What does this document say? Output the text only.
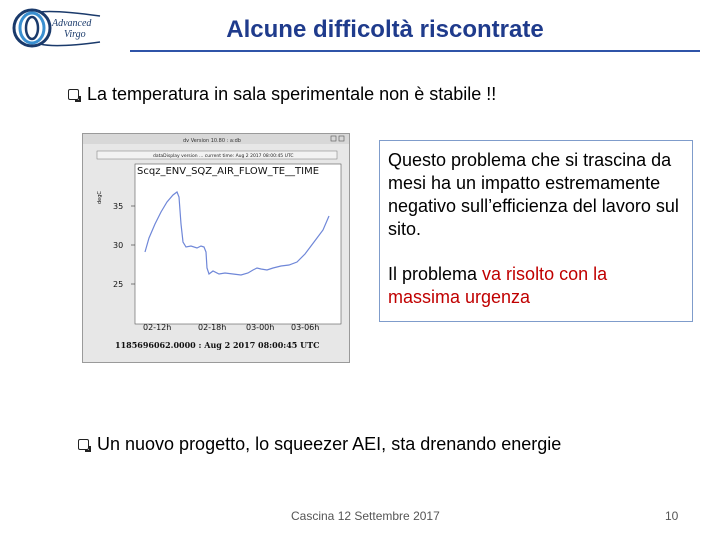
Advanced
Virgo	Alcune difficoltà riscontrate
La temperatura in sala sperimentale non è stabile !!
dv Version 10.80 : a:db
dataDisplay version ... current time: Aug 2 2017 08:00:45 UTC
Scqz_ENV_SQZ_AIR_FLOW_TE__TIME
degC
35
30
25
02-12h	02-18h 03-00h 03-06h
1185696062.0000 : Aug 2 2017 08:00:45 UTC

Questo problema che si trascina da mesi ha un impatto estremamente negativo sull’efficienza del lavoro sul sito.

Il problema va risolto con la massima urgenza

Un nuovo progetto, lo squeezer AEI, sta drenando energie
Cascina 12 Settembre 2017	10
